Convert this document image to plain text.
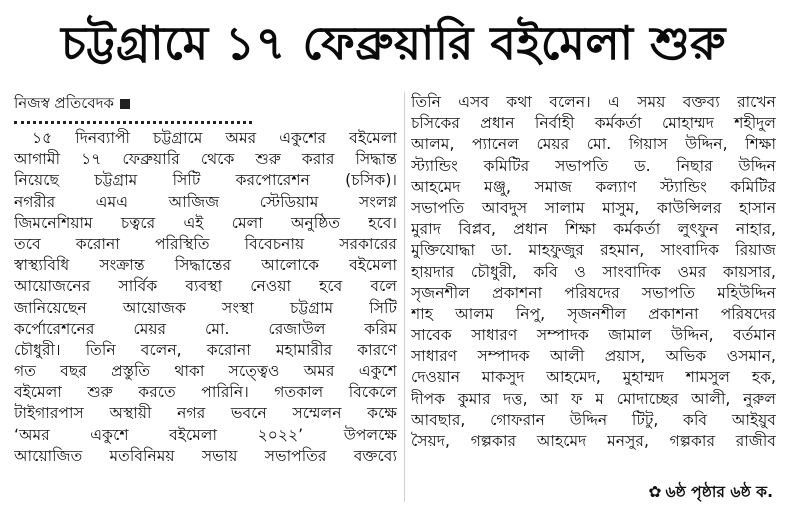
চট্টগ্রামে ১৭ ফেব্রুয়ারি বইমেলা শুরু
নিজস্ব প্রতিবেদক
১৫ দিনব্যাপী চট্টগ্রামে অমর একুশের বইমেলা
আগামী ১৭ ফেব্রুয়ারি থেকে শুরু করার সিদ্ধান্ত
নিয়েছে চট্টগ্রাম সিটি করপোরেশন (চসিক)।
নগরীর এমএ আজিজ স্টেডিয়াম সংলগ্ন
জিমনেশিয়াম চত্বরে এই মেলা অনুষ্ঠিত হবে।
তবে করোনা পরিস্থিতি বিবেচনায় সরকারের
স্বাস্থ্যবিধি সংক্রান্ত সিদ্ধান্তের আলোকে বইমেলা
আয়োজনের সার্বিক ব্যবস্থা নেওয়া হবে বলে
জানিয়েছেন আয়োজক সংস্থা চট্টগ্রাম সিটি
কর্পোরেশনের মেয়র মো. রেজাউল করিম
চৌধুরী। তিনি বলেন, করোনা মহামারীর কারণে
গত বছর প্রস্তুতি থাকা সত্ত্বেও অমর একুশে
বইমেলা শুরু করতে পারিনি। গতকাল বিকেলে
টাইগারপাস অস্থায়ী নগর ভবনে সম্মেলন কক্ষে
‘অমর একুশে বইমেলা ২০২২’ উপলক্ষে
আয়োজিত মতবিনিময় সভায় সভাপতির বক্তব্যে
তিনি এসব কথা বলেন। এ সময় বক্তব্য রাখেন
চসিকের প্রধান নির্বাহী কর্মকর্তা মোহাম্মদ শহীদুল
আলম, প্যানেল মেয়র মো. গিয়াস উদ্দিন, শিক্ষা
স্ট্যান্ডিং কমিটির সভাপতি ড. নিছার উদ্দিন
আহমেদ মঞ্জু, সমাজ কল্যাণ স্ট্যান্ডিং কমিটির
সভাপতি আবদুস সালাম মাসুম, কাউন্সিলর হাসান
মুরাদ বিপ্লব, প্রধান শিক্ষা কর্মকর্তা লুৎফুন নাহার,
মুক্তিযোদ্ধা ডা. মাহফুজুর রহমান, সাংবাদিক রিয়াজ
হায়দার চৌধুরী, কবি ও সাংবাদিক ওমর কায়সার,
সৃজনশীল প্রকাশনা পরিষদের সভাপতি মহিউদ্দিন
শাহ আলম নিপু, সৃজনশীল প্রকাশনা পরিষদের
সাবেক সাধারণ সম্পাদক জামাল উদ্দিন, বর্তমান
সাধারণ সম্পাদক আলী প্রয়াস, অভিক ওসমান,
দেওয়ান মাকসুদ আহমেদ, মুহাম্মদ শামসুল হক,
দীপক কুমার দত্ত, আ ফ ম মোদাচ্ছের আলী, নুরুল
আবছার, গোফরান উদ্দিন টিটু, কবি আইয়ুব
সৈয়দ, গল্পকার আহমেদ মনসুর, গল্পকার রাজীব
✿ ৬ষ্ঠ পৃষ্ঠার ৬ষ্ঠ ক.
